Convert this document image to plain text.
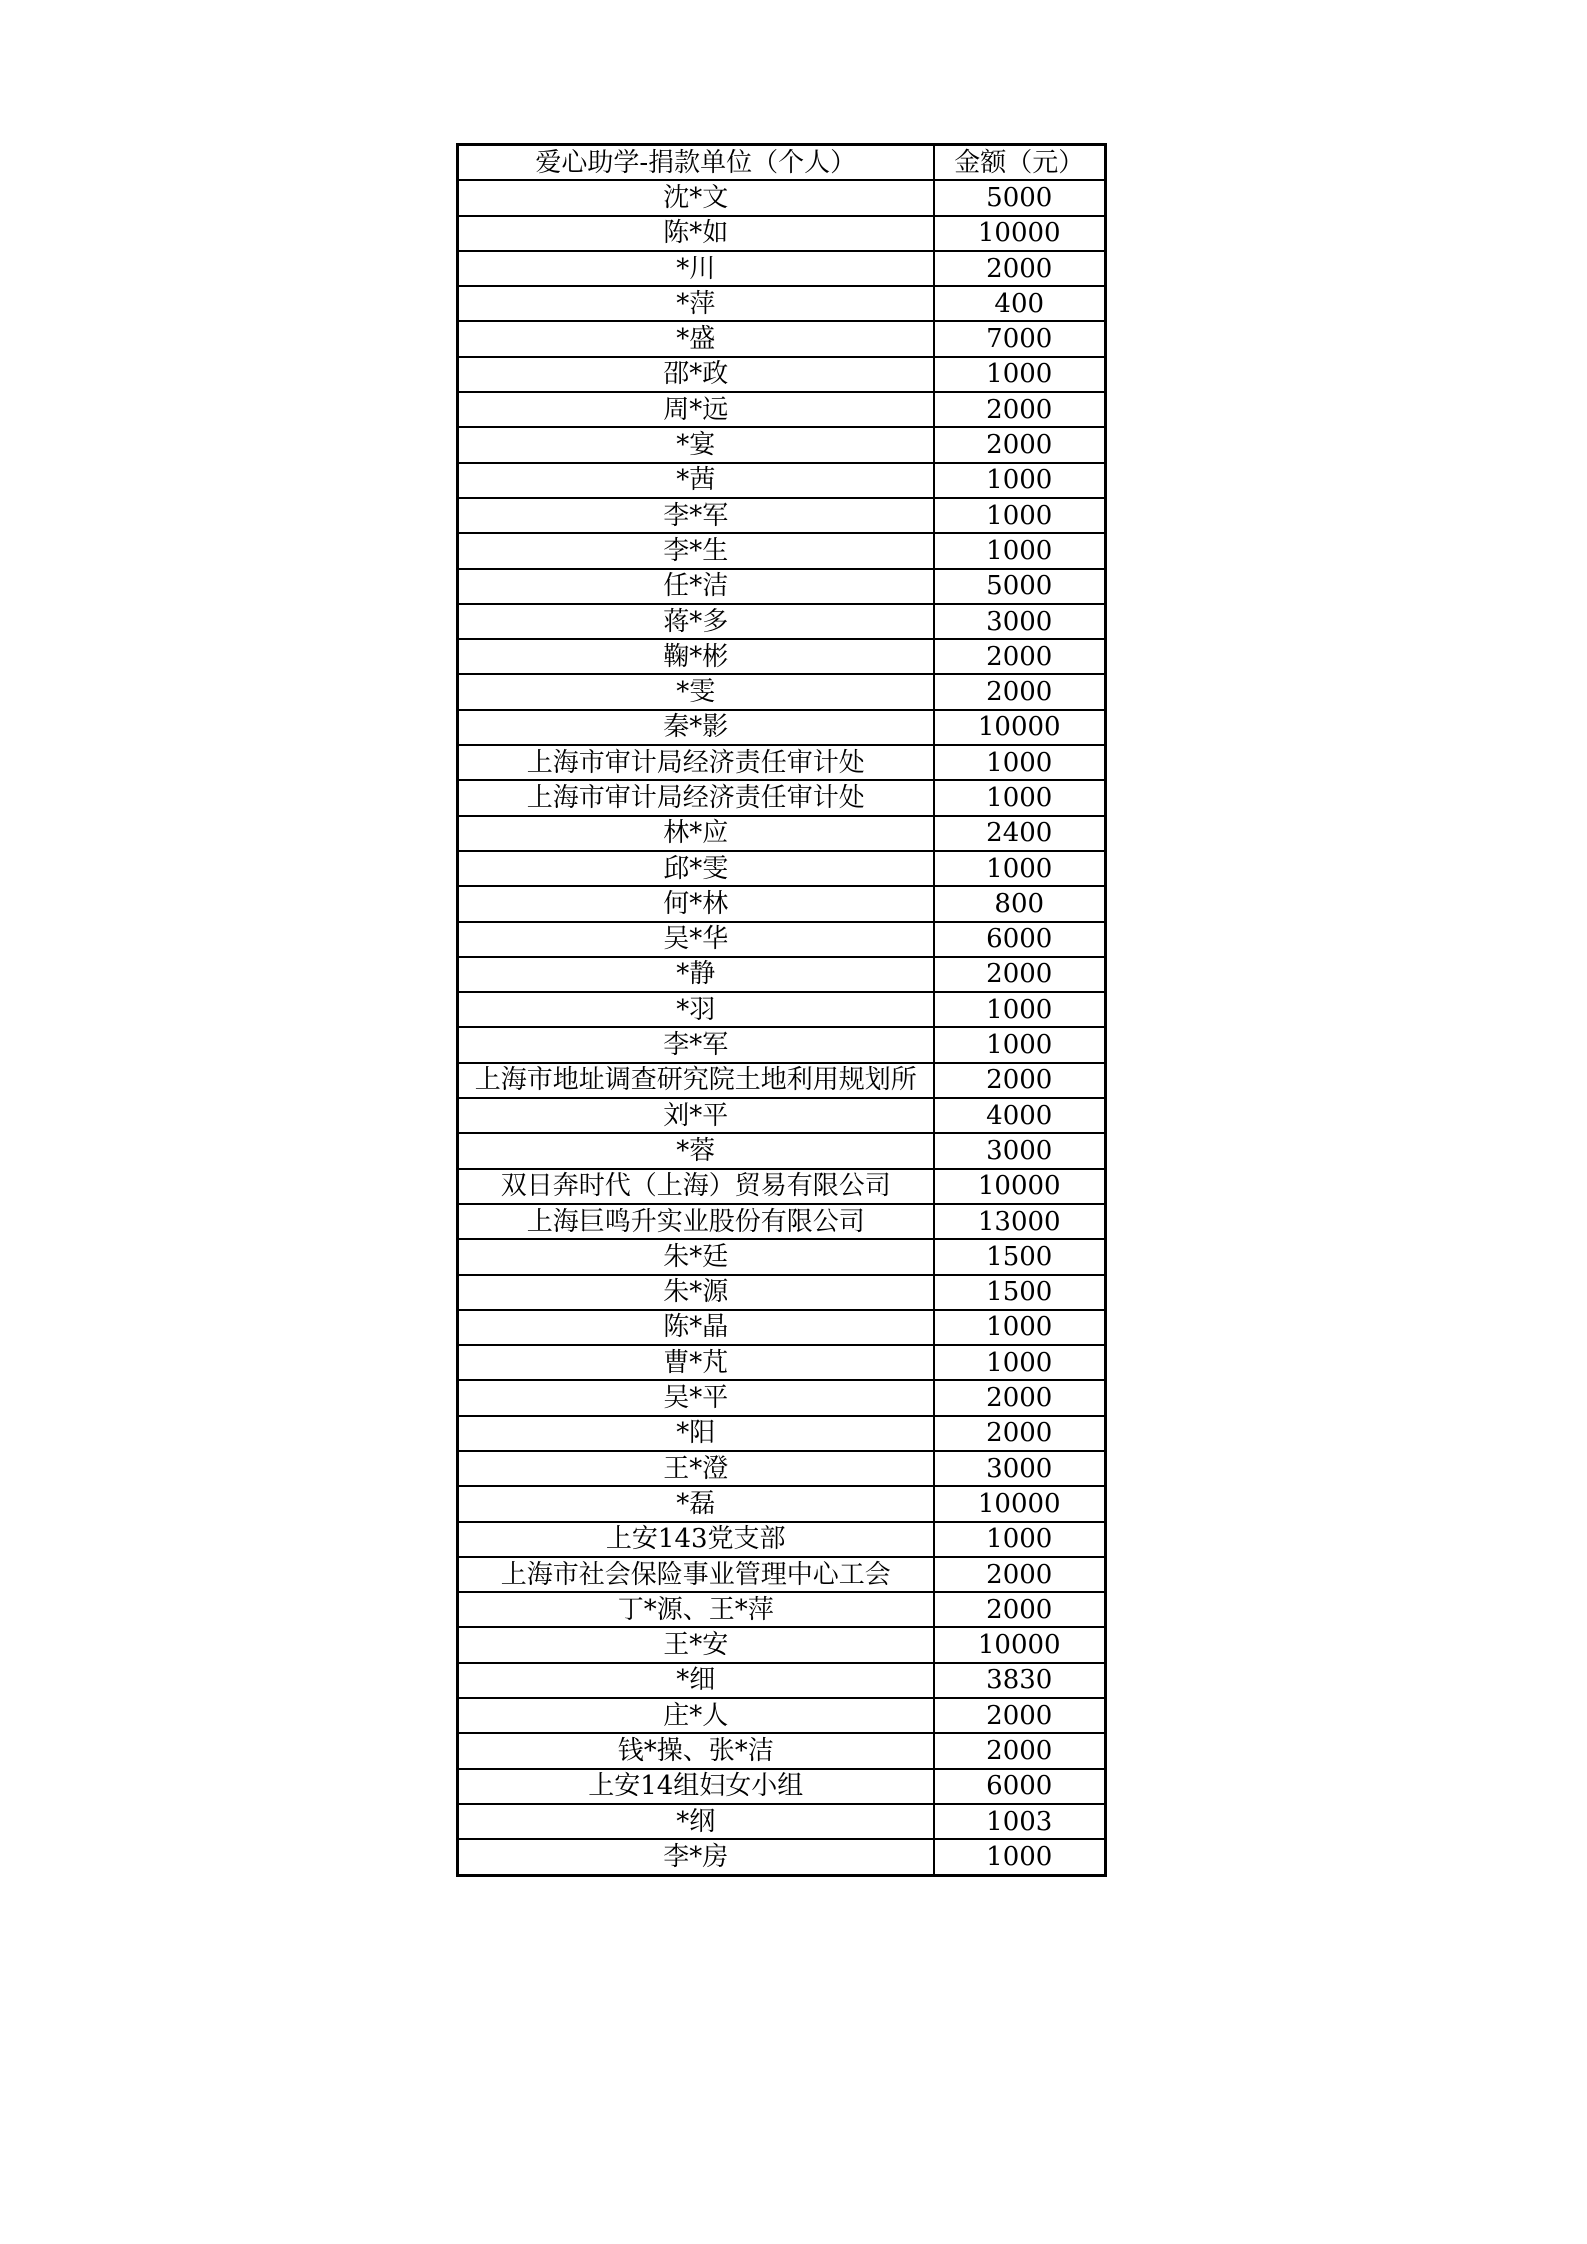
爱心助学-捐款单位（个人）	金额（元）

沈*文	5000

陈*如	10000

*川	2000

*萍	400

*盛	7000

邵*政	1000

周*远	2000

*宴	2000

*茜	1000

李*军	1000

李*生	1000

任*洁	5000

蒋*多	3000

鞠*彬	2000

*雯	2000

秦*影	10000

上海市审计局经济责任审计处	1000

上海市审计局经济责任审计处	1000

林*应	2400

邱*雯	1000

何*林	800

吴*华	6000

*静	2000

*羽	1000

李*军	1000

上海市地址调查研究院土地利用规划所	2000

刘*平	4000

*蓉	3000

双日奔时代（上海）贸易有限公司	10000

上海巨鸣升实业股份有限公司	13000

朱*廷	1500

朱*源	1500

陈*晶	1000

曹*芃	1000

吴*平	2000

*阳	2000

王*澄	3000

*磊	10000

上安143党支部	1000

上海市社会保险事业管理中心工会	2000

丁*源、王*萍	2000

王*安	10000

*细	3830

庄*人	2000

钱*操、张*洁	2000

上安14组妇女小组	6000

*纲	1003

李*房	1000
